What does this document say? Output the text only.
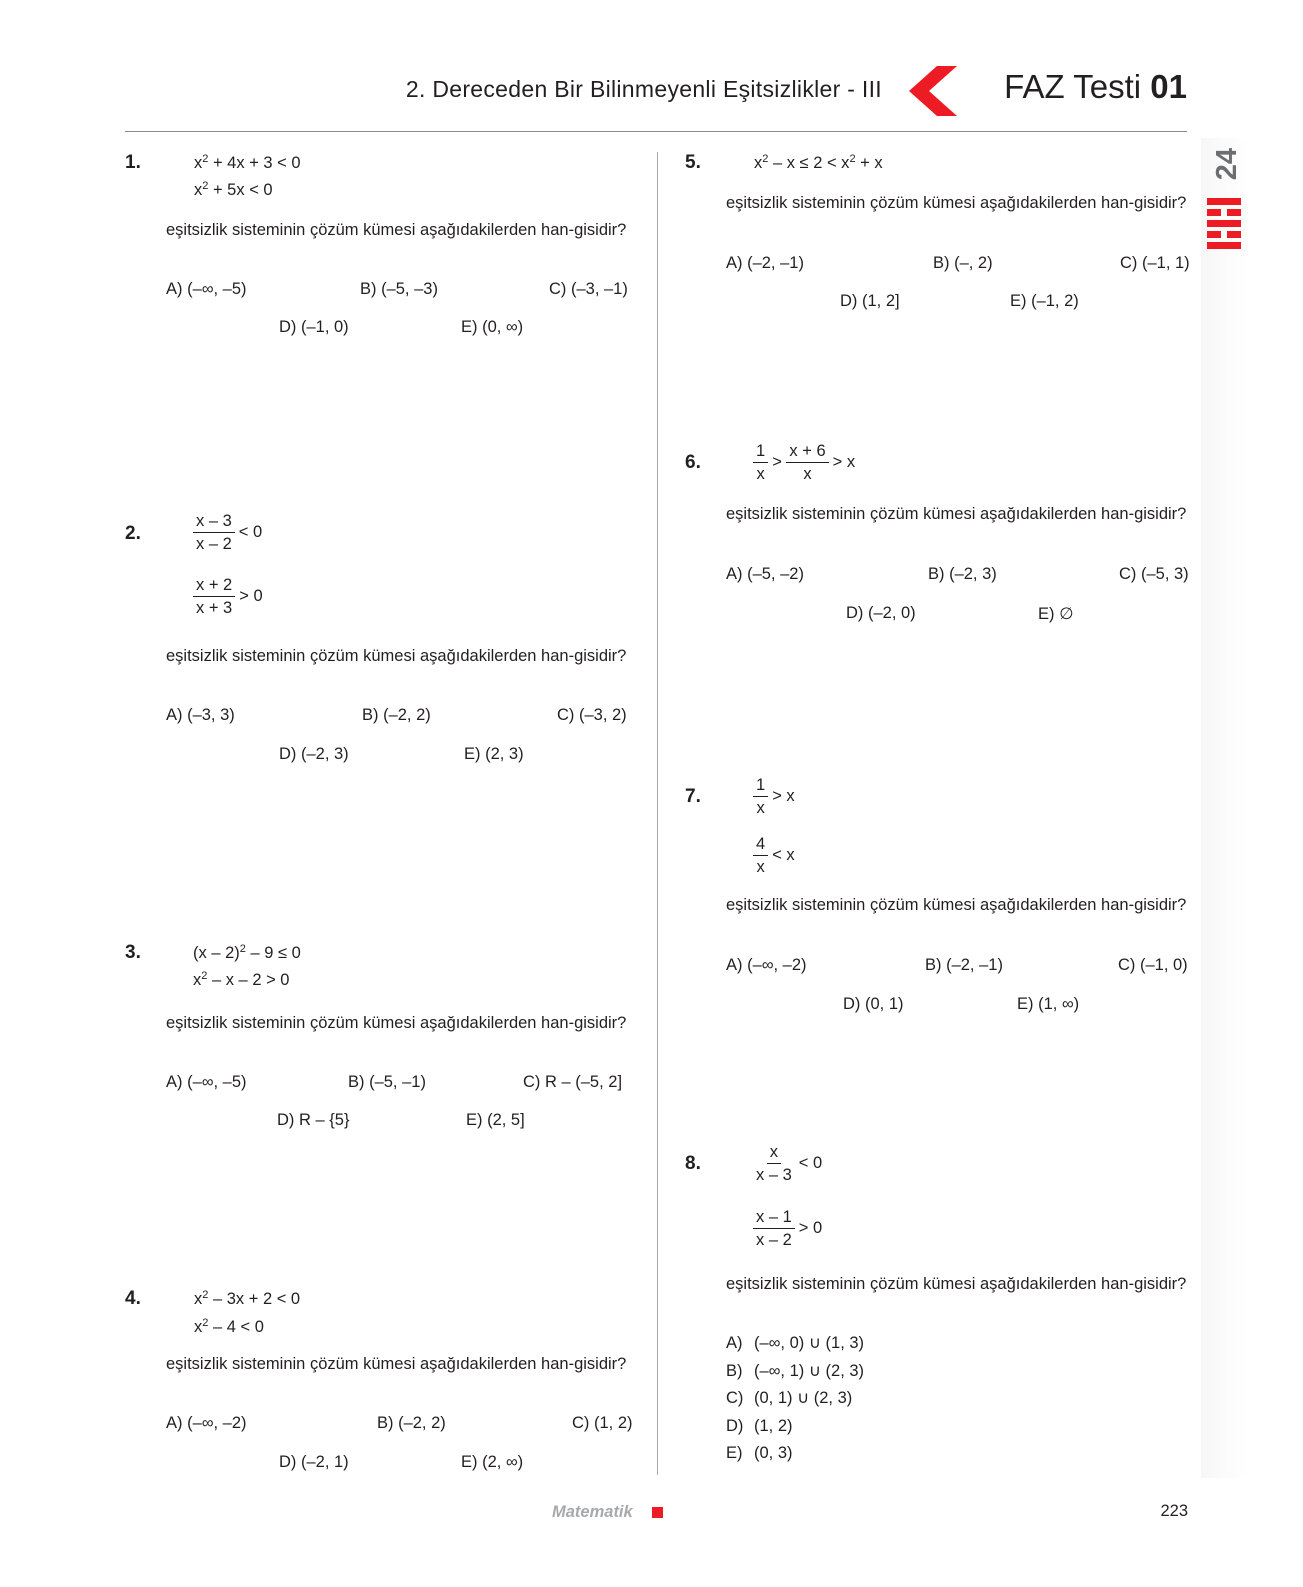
2. Dereceden Bir Bilinmeyenli Eşitsizlikler - III	FAZ Testi 01
24
1.	$x^2 + 4x + 3 < 0$
$x^2 + 5x < 0$
eşitsizlik sisteminin çözüm kümesi aşağıdakilerden han-gisidir?
A) (–∞, –5)	B) (–5, –3)	C) (–3, –1)
D) (–1, 0)	E) (0, ∞)
2.	$\frac{x - 3}{x - 2} < 0$
$\frac{x + 2}{x + 3} > 0$
eşitsizlik sisteminin çözüm kümesi aşağıdakilerden han-gisidir?
A) (–3, 3)	B) (–2, 2)	C) (–3, 2)
D) (–2, 3)	E) (2, 3)
3.	(x – 2)$^2$ – 9 ≤ 0
$x^2 - x - 2 > 0$
eşitsizlik sisteminin çözüm kümesi aşağıdakilerden han-gisidir?
A) (–∞, –5)	B) (–5, –1)	C) R – (–5, 2]
D) R – {5}	E) (2, 5]
4.	$x^2 - 3x + 2 < 0$
$x^2 - 4 < 0$
eşitsizlik sisteminin çözüm kümesi aşağıdakilerden han-gisidir?
A) (–∞, –2)	B) (–2, 2)	C) (1, 2)
D) (–2, 1)	E) (2, ∞)
5.	$x^2 - x \le 2 < x^2 + x$
eşitsizlik sisteminin çözüm kümesi aşağıdakilerden han-gisidir?
A) (–2, –1)	B) (–, 2)	C) (–1, 1)
D) (1, 2]	E) (–1, 2)
6.	$\frac{1}{x} > \frac{x + 6}{x} > x$
eşitsizlik sisteminin çözüm kümesi aşağıdakilerden han-gisidir?
A) (–5, –2)	B) (–2, 3)	C) (–5, 3)
D) (–2, 0)	E) ∅
7.	$\frac{1}{x} > x$
$\frac{4}{x} < x$
eşitsizlik sisteminin çözüm kümesi aşağıdakilerden han-gisidir?
A) (–∞, –2)	B) (–2, –1)	C) (–1, 0)
D) (0, 1)	E) (1, ∞)
8.	$\frac{x}{x - 3} < 0$
$\frac{x - 1}{x - 2} > 0$
eşitsizlik sisteminin çözüm kümesi aşağıdakilerden han-gisidir?
A) (–∞, 0) ∪ (1, 3)
B) (–∞, 1) ∪ (2, 3)
C) (0, 1) ∪ (2, 3)
D) (1, 2)
E) (0, 3)
Matematik	223
